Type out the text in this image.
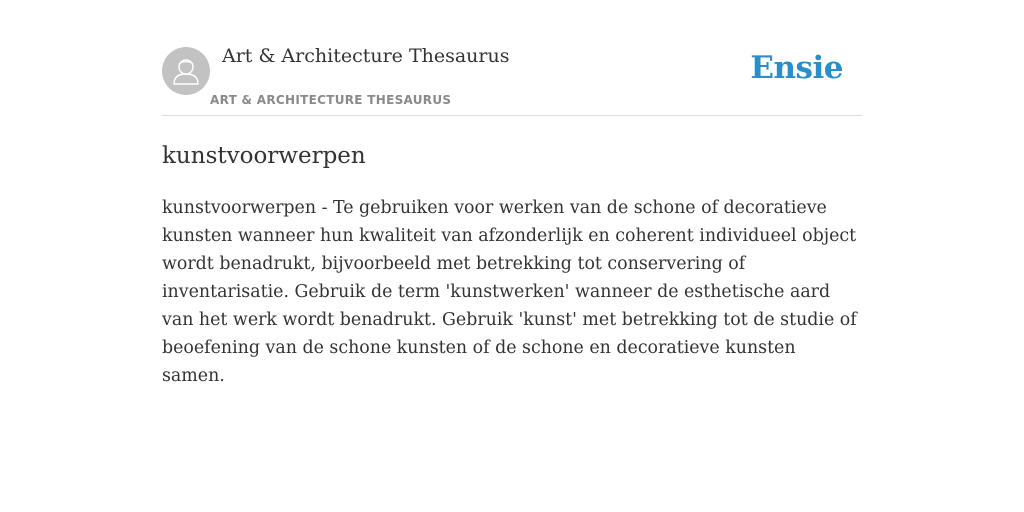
Art & Architecture Thesaurus
ART & ARCHITECTURE THESAURUS
Ensie
kunstvoorwerpen

kunstvoorwerpen - Te gebruiken voor werken van de schone of decoratieve kunsten wanneer hun kwaliteit van afzonderlijk en coherent individueel object wordt benadrukt, bijvoorbeeld met betrekking tot conservering of inventarisatie. Gebruik de term 'kunstwerken' wanneer de esthetische aard van het werk wordt benadrukt. Gebruik 'kunst' met betrekking tot de studie of beoefening van de schone kunsten of de schone en decoratieve kunsten samen.
